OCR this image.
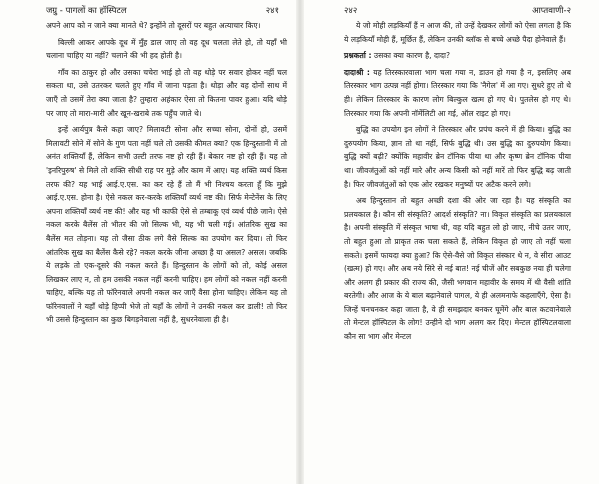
जग्रु - पागलों का हॉस्पिटल	२४१

अपने आप को न जाने क्या मानते थे? इन्होंने तो दूसरों पर बहुत अत्याचार किए।

बिल्ली आकर आपके दूध में मुँह डाल जाए तो वह दूध चलता लेते हो, तो यहाँ भी चलाना चाहिए या नहीं? चलाने की भी हद होती है।

गाँव का ठाकुर हो और उसका चचेरा भाई हो तो वह थोड़े पर सवार होकर नहीं चल सकता था, उसे उतरकर चलते हुए गाँव में जाना पड़ता है। थोड़ा और वह दोनों साथ में जाएँ तो उसमें तेरा क्या जाता है? तुम्हारा अहंकार ऐसा तो कितना पावर हुआ। यदि थोड़े पर जाए तो मारा-मारी और खून-खराबे तक पहुँच जाते थे।

इन्हें आर्यपुत्र कैसे कहा जाए? मिलावटी सोना और सच्चा सोना, दोनों हो, उसमें मिलावटी सोने में सोने के गुण पता नहीं चले तो उसकी कीमत क्या? एक हिन्दुस्तानी में तो अनंत शक्तियाँ हैं, लेकिन सभी उल्टी तरफ नष्ट हो रही हैं। बेकार नष्ट हो रही हैं। यह तो 'इनरिपुरुष' से मिले तो शक्ति सीधी राह पर मुड़े और काम में आए। यह शक्ति व्यर्थ किस तरफ की? यह भाई आई.ए.एस. का कर रहे हैं तो मैं भी निश्चय करता हूँ कि मुझे आई.ए.एस. होना है। ऐसे नकल कर-करके शक्तियाँ व्यर्थ नष्ट की। सिर्फ मेन्टेनेंस के लिए अपना शक्तियाँ व्यर्थ नष्ट की! और यह भी काफी ऐसे से तम्बाकू एवं व्यर्थ पीछे जाने। ऐसे नकल करके बैलेंस तो भीतर की जो सिल्क भी, यह भी चली गई। आंतरिक सुख का बैलेंस मत तोड़ना। यह तो जैसा ठीक लगे वैसे सिल्क का उपयोग कर दिया। तो फिर आंतरिक सुख का बैलेंस कैसे रहे? नकल करके जीना अच्छा है या असल? असल। जबकि ये लड़के तो एक-दूसरे की नकल करते हैं। हिन्दुस्तान के लोगों को तो, कोई असल लिखकर लाए न, तो हम उसकी नकल नहीं करनी चाहिए। हम लोगों को नकल नहीं करनी चाहिए, बल्कि यह तो फॉरेनवाले अपनी नकल कर जाएँ वैसा होना चाहिए। लेकिन यह तो फॉरेनवालों ने यहाँ थोड़े हिप्पी भेजे तो यहाँ के लोगों ने उनकी नकल कर डाली! तो फिर भी उससे हिन्दुस्तान का कुछ बिगड़नेवाला नहीं है, सुधरनेवाला ही है।

२४२	आप्तवाणी-२

ये जो मोही लड़कियाँ हैं न आज की, तो उन्हें देखकर लोगों को ऐसा लगता है कि ये लड़कियाँ मोही हैं, मूर्छित हैं, लेकिन उनकी ब्लॉक से बच्चे अच्छे पैदा होनेवाले हैं।

प्रश्नकर्ता : उसका क्या कारण है, दादा?
दादाश्री : यह तिरस्कारवाला भाग चला गया न, डाउन हो गया है न, इसलिए अब तिरस्कार भाग उत्पन्न नहीं होगा। तिरस्कार गया कि 'नैगेल' में आ गए। सुधरे हुए तो थे ही। लेकिन तिरस्कार के कारण लोग बिल्कुल खत्म हो गए थे। पुतलेस हो गए थे। तिरस्कार गया कि अपनी नॉर्मेलिटी आ गई, ऑल राइट हो गए।

बुद्धि का उपयोग इन लोगों ने तिरस्कार और प्रपंच करने में ही किया। बुद्धि का दुरुपयोग किया, ज्ञान तो था नहीं, सिर्फ बुद्धि थी। उस बुद्धि का दुरुपयोग किया। बुद्धि क्यों बढ़ी? क्योंकि महावीर ब्रेन टॉनिक पीया था और कृष्ण ब्रेन टॉनिक पीया था। जीवजंतुओं को नहीं मारे और अन्य किसी को नहीं मारें तो फिर बुद्धि बढ़ जाती है। फिर जीवजंतुओं को एक ओर रखकर मनुष्यों पर अटैक करने लगे।

अब हिन्दुस्तान तो बहुत अच्छी दशा की ओर जा रहा है। यह संस्कृति का प्रलयकाल है। कौन सी संस्कृति? आदर्श संस्कृति? ना। विकृत संस्कृति का प्रलयकाल है। अपनी संस्कृति में संस्कृत भाषा थी, वह यदि बहुत लो हो जाए, नीचे उतर जाए, तो बहुत हुआ तो प्राकृत तक चला सकते हैं, लेकिन विकृत हो जाए तो नहीं चला सकते। इसमें फायदा क्या हुआ? कि ऐसे-वैसे जो विकृत संस्कार थे न, वे सीरा आउट (खत्म) हो गए। और अब नये सिरे से नई बात! नई चीजें और सबकुछ नया ही चलेगा और अलग ही प्रकार की राज्य की, जैसी भगवान महावीर के समय में थी वैसी शांति बरतेगी। और आज के ये बाल बढ़ानेवाले पागल, ये ही अलमनाफे कहलाएँगे, ऐसा है। जिन्हें चनचनकर कहा जाता है, वे ही समझदार बनकर घूमेंगे और बाल कटवानेवाले तो मेन्टल हॉस्पिटल के लोग! उन्हीने दो भाग अलग कर दिए। मेन्टल हॉस्पिटलवाला कौन सा भाग और मेन्टल
